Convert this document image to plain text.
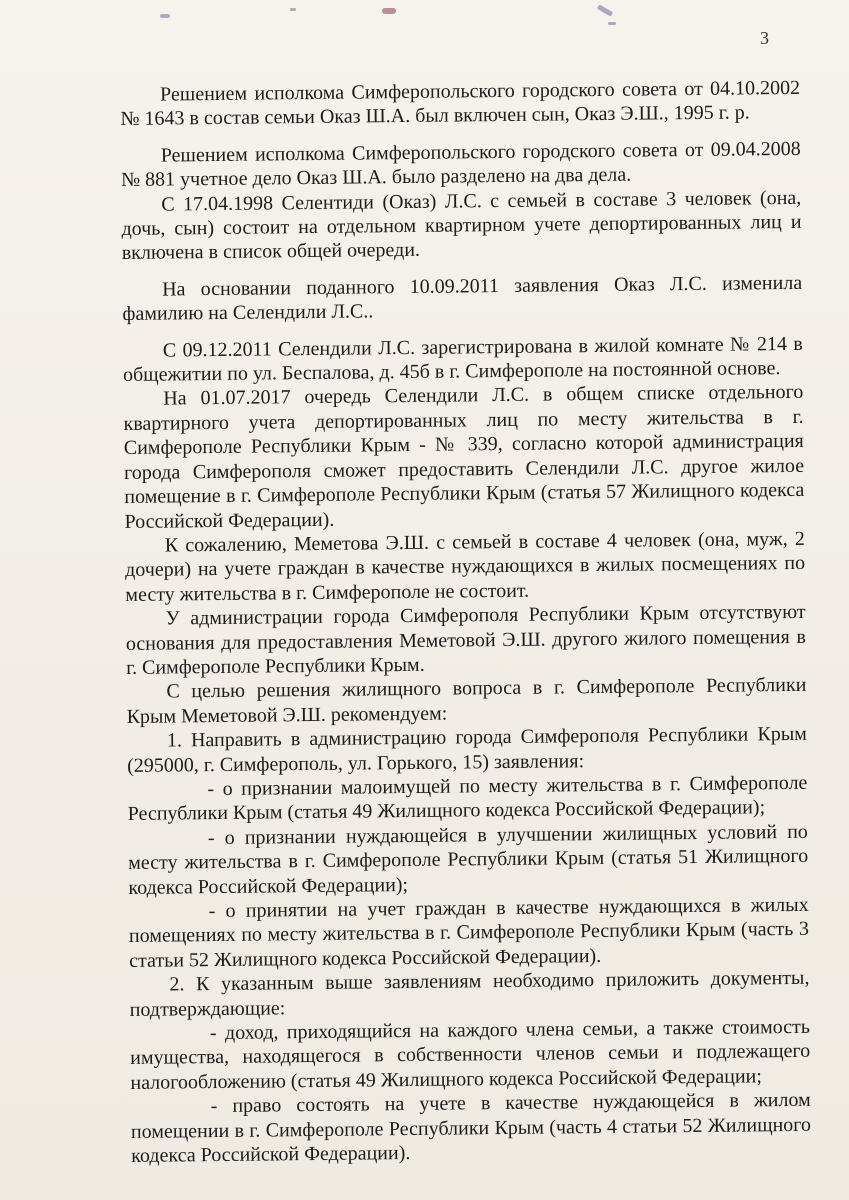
3

Решением исполкома Симферопольского городского совета от 04.10.2002 № 1643 в состав семьи Оказ Ш.А. был включен сын, Оказ Э.Ш., 1995 г. р.

Решением исполкома Симферопольского городского совета от 09.04.2008 № 881 учетное дело Оказ Ш.А. было разделено на два дела.

С 17.04.1998 Селентиди (Оказ) Л.С. с семьей в составе 3 человек (она, дочь, сын) состоит на отдельном квартирном учете депортированных лиц и включена в список общей очереди.

На основании поданного 10.09.2011 заявления Оказ Л.С. изменила фамилию на Селендили Л.С..

С 09.12.2011 Селендили Л.С. зарегистрирована в жилой комнате № 214 в общежитии по ул. Беспалова, д. 45б в г. Симферополе на постоянной основе.

На 01.07.2017 очередь Селендили Л.С. в общем списке отдельного квартирного учета депортированных лиц по месту жительства в г. Симферополе Республики Крым - № 339, согласно которой администрация города Симферополя сможет предоставить Селендили Л.С. другое жилое помещение в г. Симферополе Республики Крым (статья 57 Жилищного кодекса Российской Федерации).

К сожалению, Меметова Э.Ш. с семьей в составе 4 человек (она, муж, 2 дочери) на учете граждан в качестве нуждающихся в жилых посмещениях по месту жительства в г. Симферополе не состоит.

У администрации города Симферополя Республики Крым отсутствуют основания для предоставления Меметовой Э.Ш. другого жилого помещения в г. Симферополе Республики Крым.

С целью решения жилищного вопроса в г. Симферополе Республики Крым Меметовой Э.Ш. рекомендуем:

1. Направить в администрацию города Симферополя Республики Крым (295000, г. Симферополь, ул. Горького, 15) заявления:

- о признании малоимущей по месту жительства в г. Симферополе Республики Крым (статья 49 Жилищного кодекса Российской Федерации);

- о признании нуждающейся в улучшении жилищных условий по месту жительства в г. Симферополе Республики Крым (статья 51 Жилищного кодекса Российской Федерации);

- о принятии на учет граждан в качестве нуждающихся в жилых помещениях по месту жительства в г. Симферополе Республики Крым (часть 3 статьи 52 Жилищного кодекса Российской Федерации).

2. К указанным выше заявлениям необходимо приложить документы, подтверждающие:

- доход, приходящийся на каждого члена семьи, а также стоимость имущества, находящегося в собственности членов семьи и подлежащего налогообложению (статья 49 Жилищного кодекса Российской Федерации;

- право состоять на учете в качестве нуждающейся в жилом помещении в г. Симферополе Республики Крым (часть 4 статьи 52 Жилищного кодекса Российской Федерации).
